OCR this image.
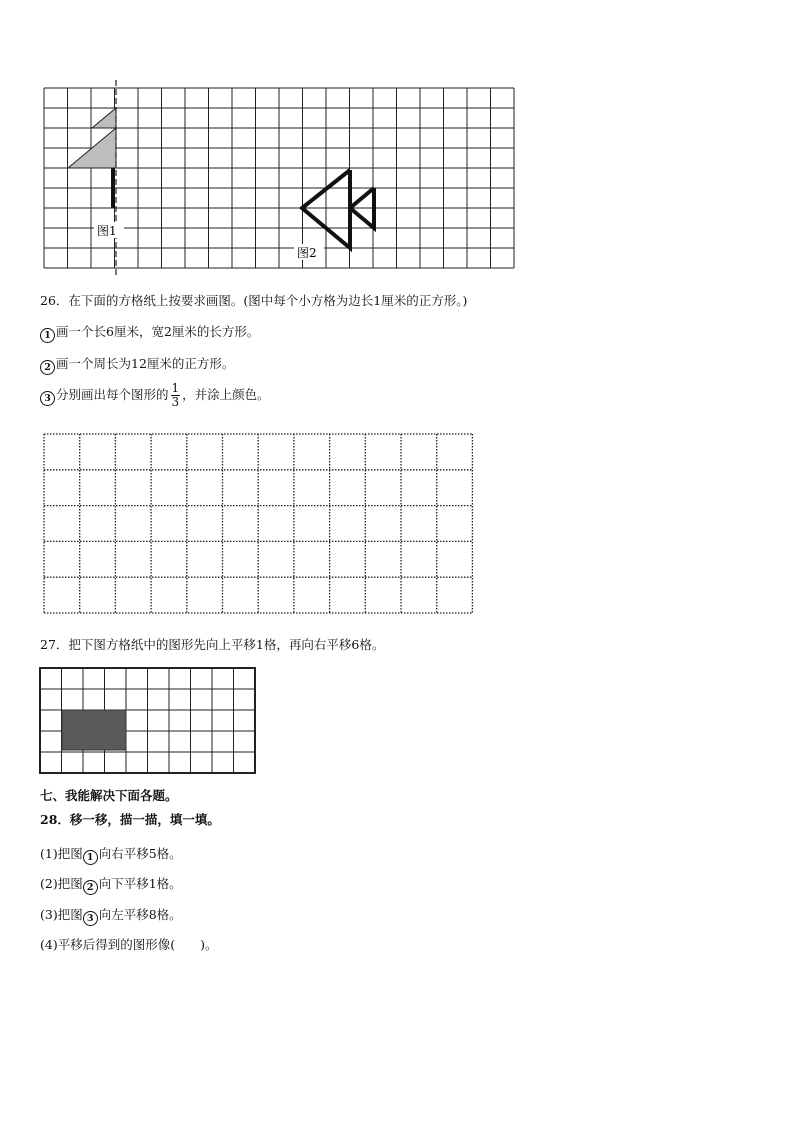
图1
图2
26．在下面的方格纸上按要求画图。(图中每个小方格为边长1厘米的正方形。)
1 画一个长6厘米，宽2厘米的长方形。
2 画一个周长为12厘米的正方形。
3 分别画出每个图形的 $\frac{1}{3}$ ，并涂上颜色。
27．把下图方格纸中的图形先向上平移1格，再向右平移6格。
七、我能解决下面各题。
28．移一移，描一描，填一填。
(1)把图 1 向右平移5格。
(2)把图 2 向下平移1格。
(3)把图 3 向左平移8格。
(4)平移后得到的图形像(　　)。
